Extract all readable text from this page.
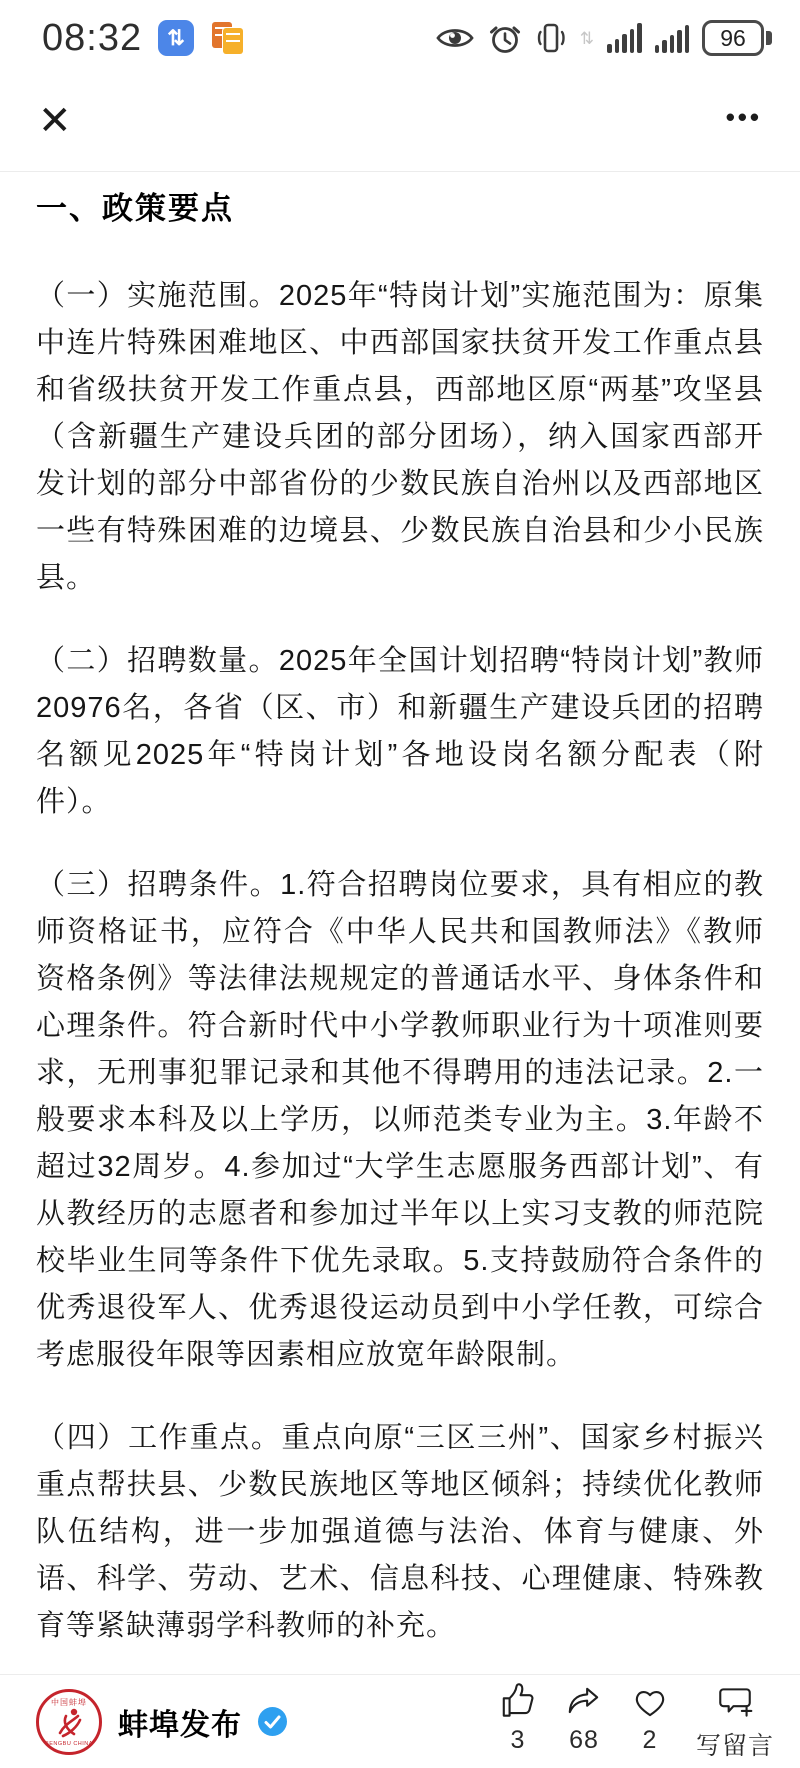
08:32 ⇅	⇅	96
✕	•••
一、政策要点

（一）实施范围。2025年“特岗计划”实施范围为：原集中连片特殊困难地区、中西部国家扶贫开发工作重点县和省级扶贫开发工作重点县，西部地区原“两基”攻坚县（含新疆生产建设兵团的部分团场），纳入国家西部开发计划的部分中部省份的少数民族自治州以及西部地区一些有特殊困难的边境县、少数民族自治县和少小民族县。

（二）招聘数量。2025年全国计划招聘“特岗计划”教师20976名，各省（区、市）和新疆生产建设兵团的招聘名额见2025年“特岗计划”各地设岗名额分配表（附件）。

（三）招聘条件。1.符合招聘岗位要求，具有相应的教师资格证书，应符合《中华人民共和国教师法》《教师资格条例》等法律法规规定的普通话水平、身体条件和心理条件。符合新时代中小学教师职业行为十项准则要求，无刑事犯罪记录和其他不得聘用的违法记录。2.一般要求本科及以上学历，以师范类专业为主。3.年龄不超过32周岁。4.参加过“大学生志愿服务西部计划”、有从教经历的志愿者和参加过半年以上实习支教的师范院校毕业生同等条件下优先录取。5.支持鼓励符合条件的优秀退役军人、优秀退役运动员到中小学任教，可综合考虑服役年限等因素相应放宽年龄限制。

（四）工作重点。重点向原“三区三州”、国家乡村振兴重点帮扶县、少数民族地区等地区倾斜；持续优化教师队伍结构，进一步加强道德与法治、体育与健康、外语、科学、劳动、艺术、信息科技、心理健康、特殊教育等紧缺薄弱学科教师的补充。

中国蚌埠
BENGBU CHINA
蚌埠发布	3 68 2 写留言
